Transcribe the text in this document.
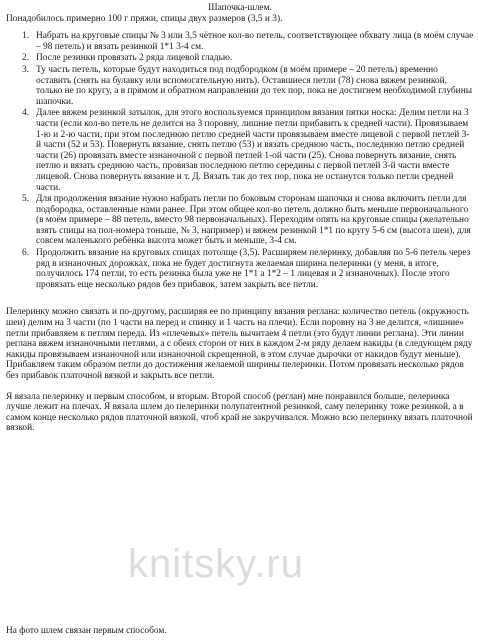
Шапочка-шлем.
Понадобилось примерно 100 г пряжи, спицы двух размеров (3,5 и 3).
1. Набрать на круговые спицы № 3 или 3,5 чётное кол-во петель, соответствующее обхвату лица (в моём случае – 98 петель) и вязать резинкой 1*1 3-4 см.
2. После резинки провязать 2 ряда лицевой гладью.
3. Ту часть петель, которые будут находиться под подбородком (в моём примере – 20 петель) временно оставить (снять на булавку или вспомогательную нить). Оставшиеся петли (78) снова вяжем резинкой, только не по кругу, а в прямом и обратном направлении до тех пор, пока не достигнем необходимой глубины шапочки.
4. Далее вяжем резинкой затылок, для этого воспользуемся принципом вязания пятки носка: Делим петли на 3 части (если кол-во петель не делится на 3 поровну, лишние петли прибавить к средней части). Провязываем 1-ю и 2-ю части, при этом последнюю петлю средней части провязываем вместе лицевой с первой петлей 3-й части (52 и 53). Повернуть вязание, снять петлю (53) и вязать среднюю часть, последнюю петлю средней части (26) провязать вместе изнаночной с первой петлей 1-ой части (25). Снова повернуть вязание, снять петлю и вязать среднюю часть, провязав последнюю петлю середины с первой петлей 3-й части вместе лицевой. Снова повернуть вязание и т. Д. Вязать так до тех пор, пока не останутся только петли средней части.
5. Для продолжения вязание нужно набрать петли по боковым сторонам шапочки и снова включить петли для подбородка, оставленные нами ранее. При этом общее кол-во петель должно быть меньше первоначального (в моём примере – 88 петель, вместо 98 первоначальных). Переходим опять на круговые спицы (желательно взять спицы на пол-номера тоньше, № 3, например) и вяжем резинкой 1*1 по кругу 5-6 см (высота шеи), для совсем маленького ребёнка высота может быть и меньше, 3-4 см.
6. Продолжить вязание на круговых спицах потолще (3,5). Расширяем пелеринку, добавляя по 5-6 петель через ряд в изнаночных дорожках, пока не будет достигнута желаемая ширина пелеринки (у меня, в итоге, получилось 174 петли, то есть резинка была уже не 1*1 а 1*2 – 1 лицевая и 2 изнаночных). После этого провязать еще несколько рядов без прибавок, затем закрыть все петли.

Пелеринку можно связать и по-другому, расширяя ее по принципу вязания реглана: количество петель (окружность шеи) делим на 3 части (по 1 части на перед и спинку и 1 часть на плечи). Если поровну на 3 не делится, «лишние» петли прибавляем к петлям переда. Из «плечевых» петель вычитаем 4 петли (это будут линии реглана). Эти линии реглана вяжем изнаночными петлями, а с обеих сторон от них в каждом 2-м ряду делаем накиды (в следующем ряду накиды провязываем изнаночной или изнаночной скрещенной, в этом случае дырочки от накидов будут меньше). Прибавляем таким образом петли до достижения желаемой ширины пелеринки. Потом провязать несколько рядов без прибавок платочной вязкой и закрыть все петли.

Я вязала пелеринку и первым способом, и вторым. Второй способ (реглан) мне понравился больше, пелеринка лучше лежит на плечах. Я вязала шлем до пелеринки полупатентной резинкой, саму пелеринку тоже резинкой, а в самом конце несколько рядов платочной вязкой, чтоб край не закручивался. Можно всю пелеринку вязать платочной вязкой.

knitsky.ru
На фото шлем связан первым способом.
